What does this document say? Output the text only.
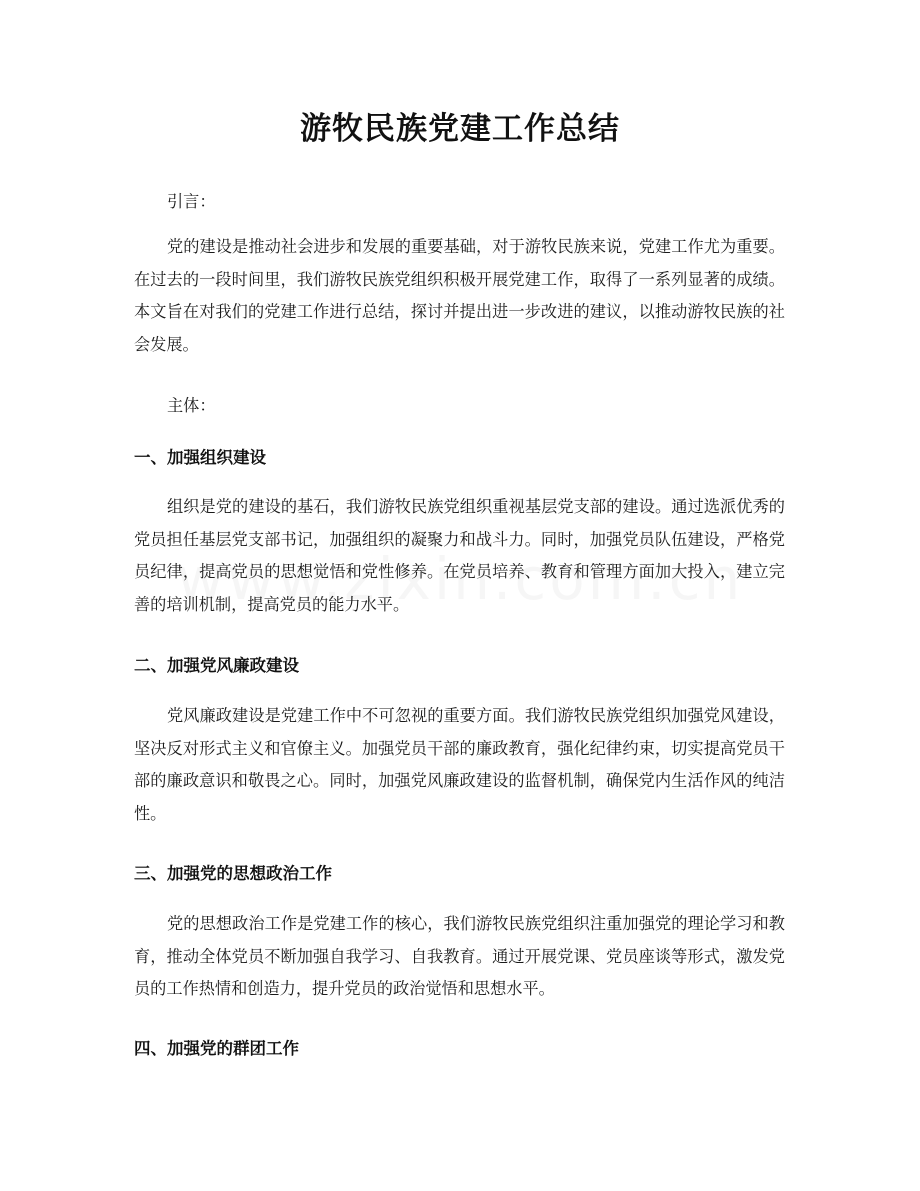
游牧民族党建工作总结

引言：

党的建设是推动社会进步和发展的重要基础，对于游牧民族来说，党建工作尤为重要。在过去的一段时间里，我们游牧民族党组织积极开展党建工作，取得了一系列显著的成绩。本文旨在对我们的党建工作进行总结，探讨并提出进一步改进的建议，以推动游牧民族的社会发展。

主体：

一、加强组织建设

组织是党的建设的基石，我们游牧民族党组织重视基层党支部的建设。通过选派优秀的党员担任基层党支部书记，加强组织的凝聚力和战斗力。同时，加强党员队伍建设，严格党员纪律，提高党员的思想觉悟和党性修养。在党员培养、教育和管理方面加大投入，建立完善的培训机制，提高党员的能力水平。

二、加强党风廉政建设

党风廉政建设是党建工作中不可忽视的重要方面。我们游牧民族党组织加强党风建设，坚决反对形式主义和官僚主义。加强党员干部的廉政教育，强化纪律约束，切实提高党员干部的廉政意识和敬畏之心。同时，加强党风廉政建设的监督机制，确保党内生活作风的纯洁性。

三、加强党的思想政治工作

党的思想政治工作是党建工作的核心，我们游牧民族党组织注重加强党的理论学习和教育，推动全体党员不断加强自我学习、自我教育。通过开展党课、党员座谈等形式，激发党员的工作热情和创造力，提升党员的政治觉悟和思想水平。

四、加强党的群团工作
